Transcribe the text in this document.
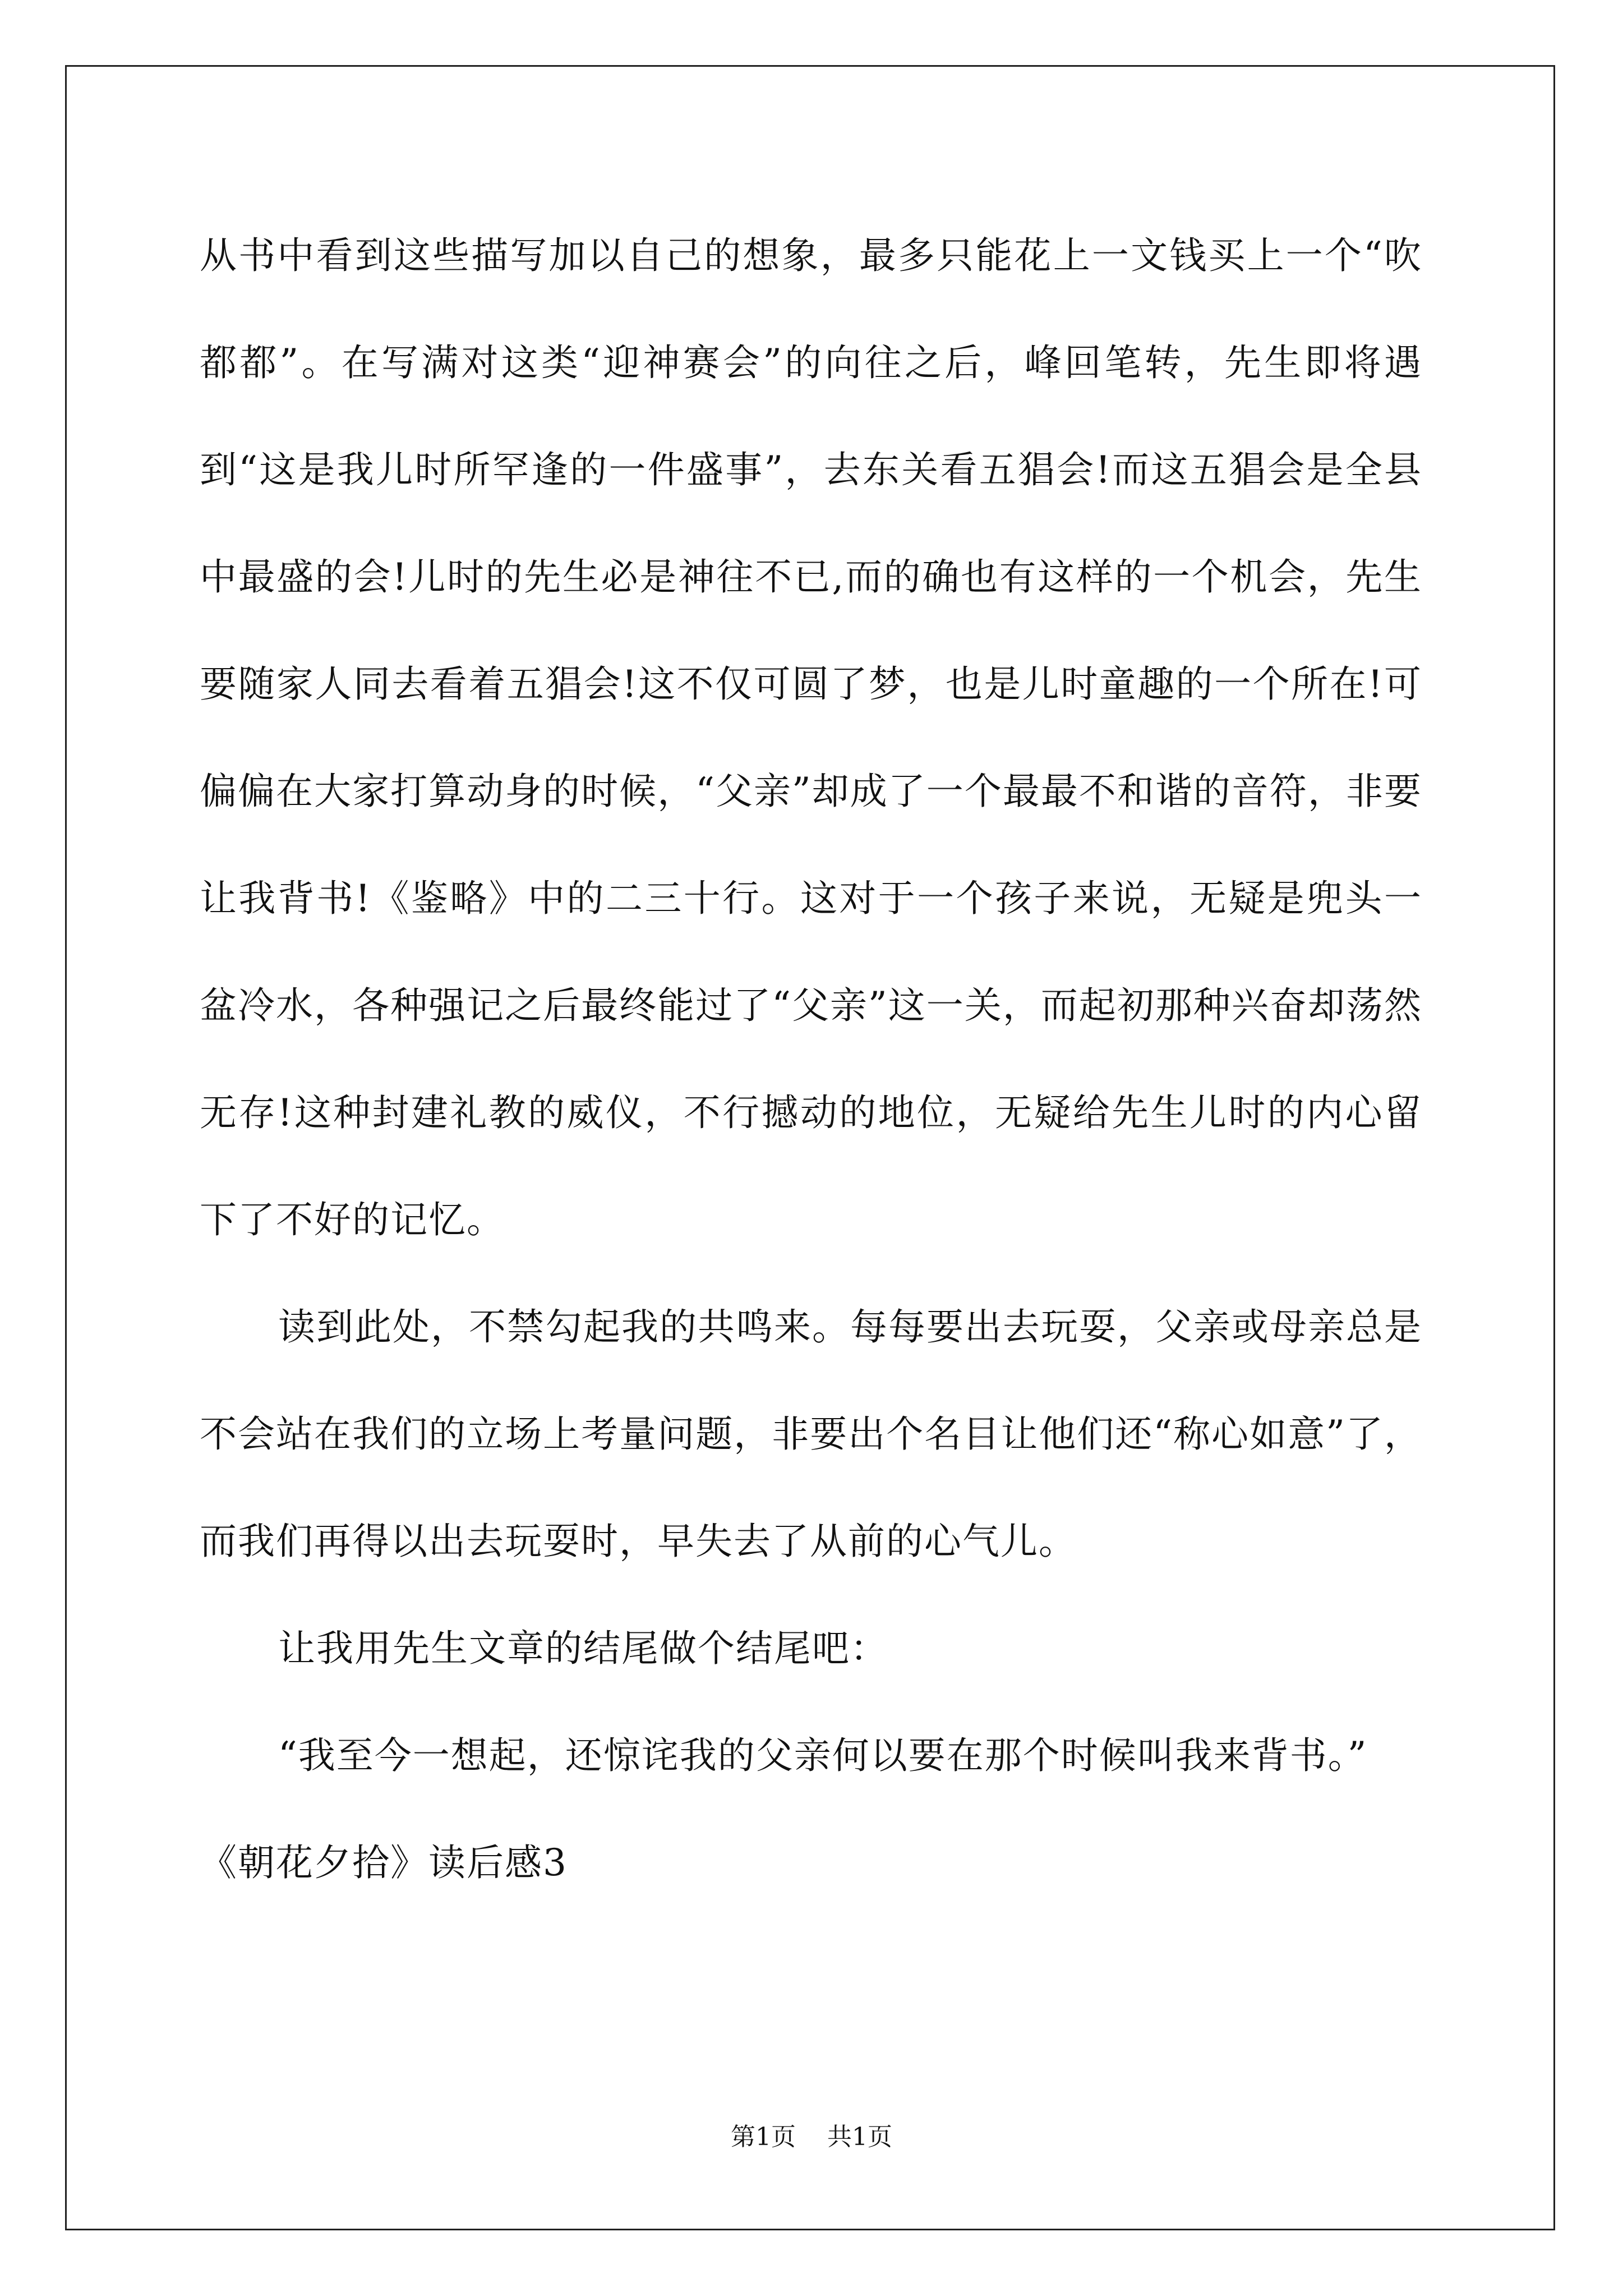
从书中看到这些描写加以自己的想象，最多只能花上一文钱买上一个“吹都都”。在写满对这类“迎神赛会”的向往之后，峰回笔转，先生即将遇到“这是我儿时所罕逢的一件盛事”，去东关看五猖会!而这五猖会是全县中最盛的会!儿时的先生必是神往不已,而的确也有这样的一个机会，先生要随家人同去看着五猖会!这不仅可圆了梦，也是儿时童趣的一个所在!可偏偏在大家打算动身的时候，“父亲”却成了一个最最不和谐的音符，非要让我背书!《鉴略》中的二三十行。这对于一个孩子来说，无疑是兜头一盆冷水，各种强记之后最终能过了“父亲”这一关，而起初那种兴奋却荡然无存!这种封建礼教的威仪，不行撼动的地位，无疑给先生儿时的内心留下了不好的记忆。

读到此处，不禁勾起我的共鸣来。每每要出去玩耍，父亲或母亲总是不会站在我们的立场上考量问题，非要出个名目让他们还“称心如意”了，而我们再得以出去玩耍时，早失去了从前的心气儿。

让我用先生文章的结尾做个结尾吧：

“我至今一想起，还惊诧我的父亲何以要在那个时候叫我来背书。”

《朝花夕拾》读后感3

第1页 共1页
